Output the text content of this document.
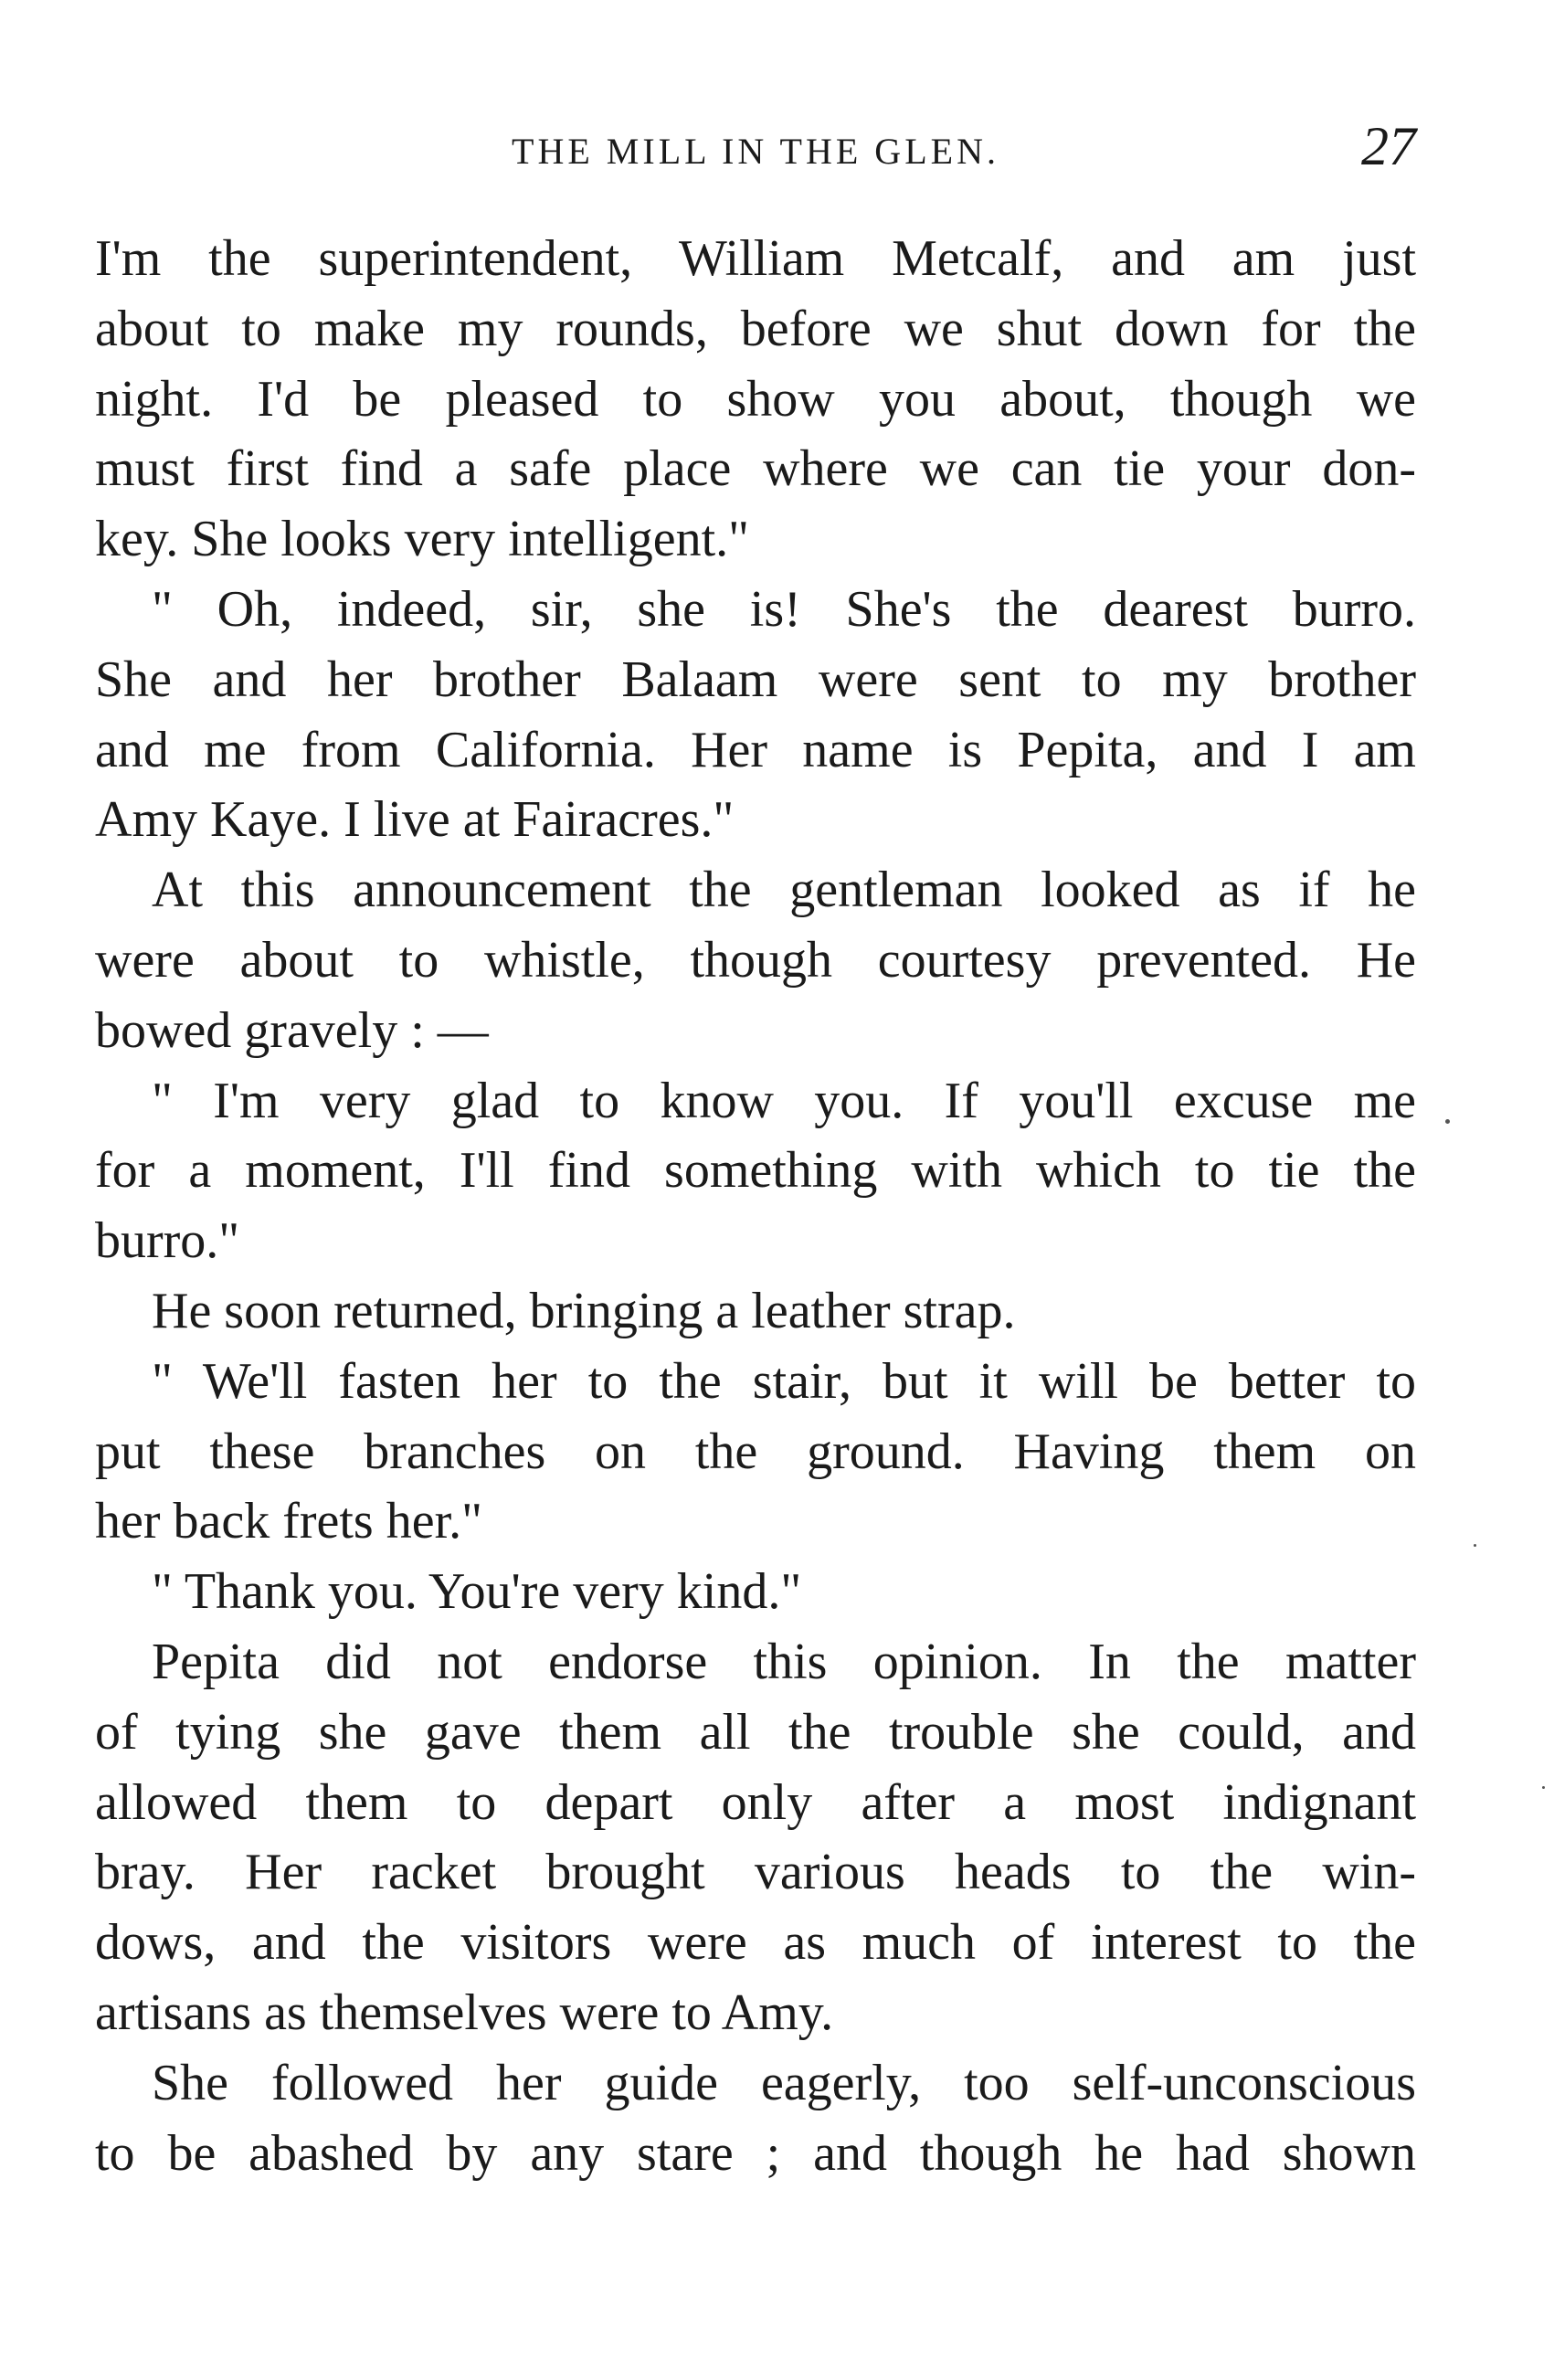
THE MILL IN THE GLEN.	27
I'm the superintendent, William Metcalf, and am just
about to make my rounds, before we shut down for the
night. I'd be pleased to show you about, though we
must first find a safe place where we can tie your don-
key. She looks very intelligent."
" Oh, indeed, sir, she is! She's the dearest burro.
She and her brother Balaam were sent to my brother
and me from California. Her name is Pepita, and I am
Amy Kaye. I live at Fairacres."
At this announcement the gentleman looked as if he
were about to whistle, though courtesy prevented. He
bowed gravely : —
" I'm very glad to know you. If you'll excuse me
for a moment, I'll find something with which to tie the
burro."
He soon returned, bringing a leather strap.
" We'll fasten her to the stair, but it will be better to
put these branches on the ground. Having them on
her back frets her."
" Thank you. You're very kind."
Pepita did not endorse this opinion. In the matter
of tying she gave them all the trouble she could, and
allowed them to depart only after a most indignant
bray. Her racket brought various heads to the win-
dows, and the visitors were as much of interest to the
artisans as themselves were to Amy.
She followed her guide eagerly, too self-unconscious
to be abashed by any stare ; and though he had shown
